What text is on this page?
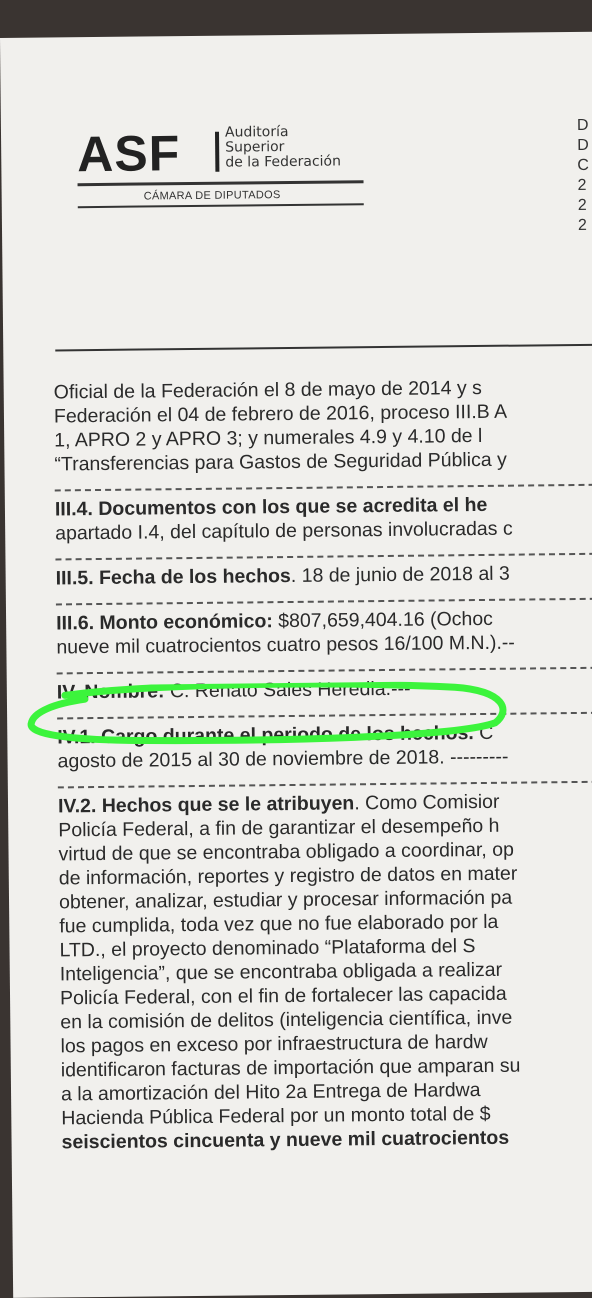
ASF	Auditoría
Superior
de la Federación
CÁMARA DE DIPUTADOS
D
D
C
2
2
2
Oficial de la Federación el 8 de mayo de 2014 y s
Federación el 04 de febrero de 2016, proceso III.B A
1, APRO 2 y APRO 3; y numerales 4.9 y 4.10 de l
“Transferencias para Gastos de Seguridad Pública y
III.4. Documentos con los que se acredita el he
apartado I.4, del capítulo de personas involucradas c
III.5. Fecha de los hechos. 18 de junio de 2018 al 3
III.6. Monto económico: $807,659,404.16 (Ochoc
nueve mil cuatrocientos cuatro pesos 16/100 M.N.).--
IV. Nombre: C. Renato Sales Heredia.---
IV.1. Cargo durante el periodo de los hechos. C
agosto de 2015 al 30 de noviembre de 2018. ---------
IV.2. Hechos que se le atribuyen. Como Comisior
Policía Federal, a fin de garantizar el desempeño h
virtud de que se encontraba obligado a coordinar, op
de información, reportes y registro de datos en mater
obtener, analizar, estudiar y procesar información pa
fue cumplida, toda vez que no fue elaborado por la
LTD., el proyecto denominado “Plataforma del S
Inteligencia”, que se encontraba obligada a realizar
Policía Federal, con el fin de fortalecer las capacida
en la comisión de delitos (inteligencia científica, inve
los pagos en exceso por infraestructura de hardw
identificaron facturas de importación que amparan su
a la amortización del Hito 2a Entrega de Hardwa
Hacienda Pública Federal por un monto total de $
seiscientos cincuenta y nueve mil cuatrocientos
